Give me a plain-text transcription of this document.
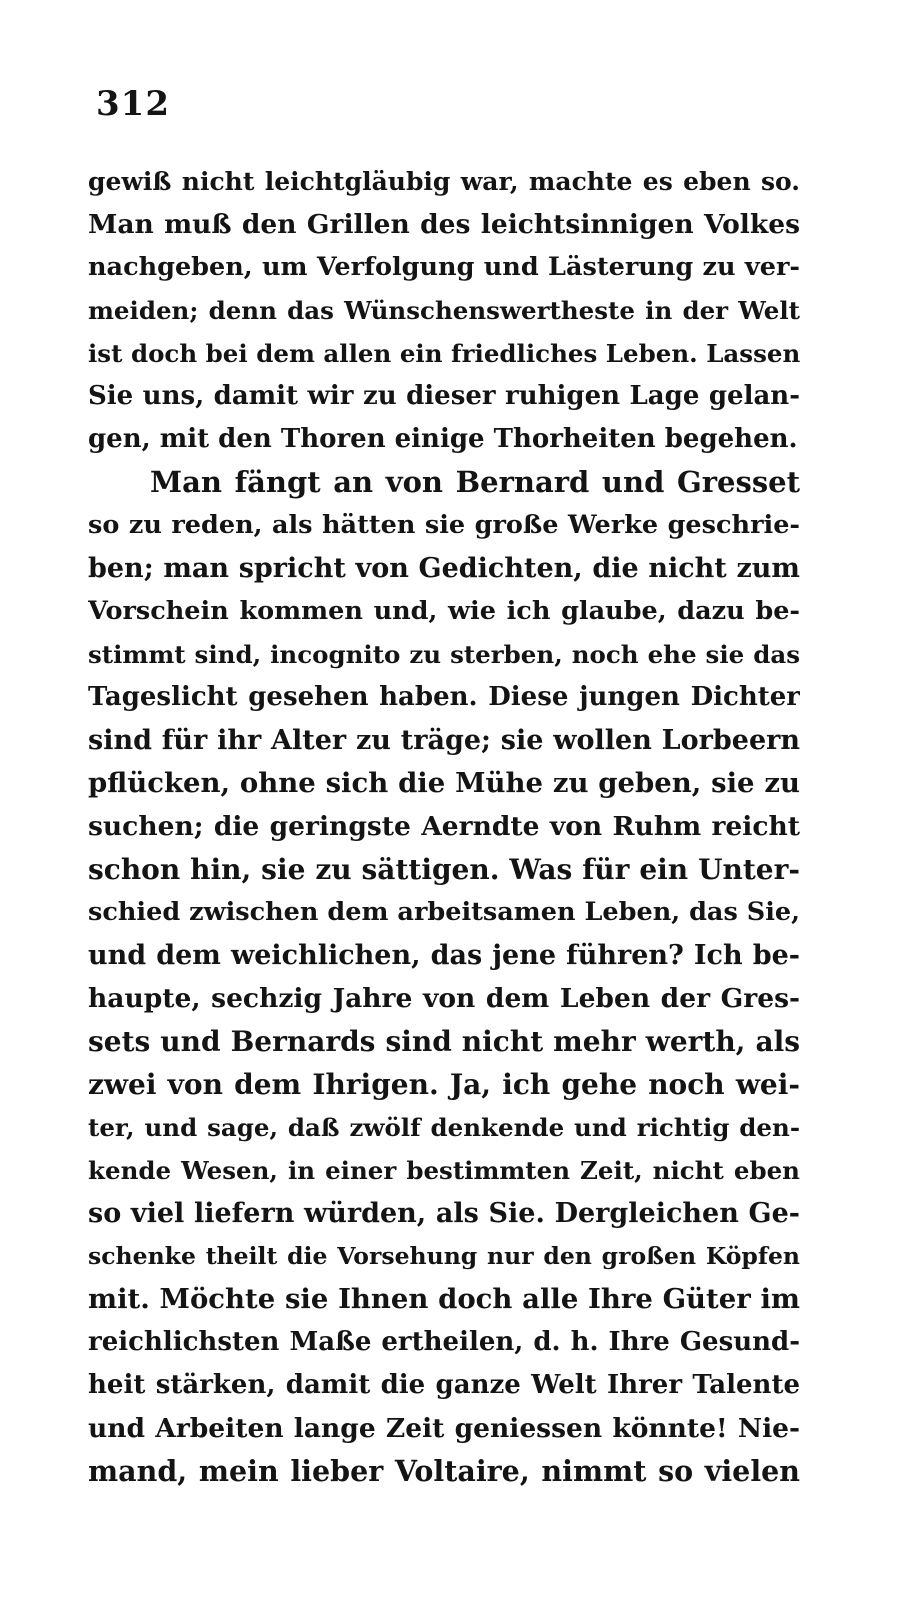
312
gewiß nicht leichtgläubig war, machte es eben so.
Man muß den Grillen des leichtsinnigen Volkes
nachgeben, um Verfolgung und Lästerung zu ver-
meiden; denn das Wünschenswertheste in der Welt
ist doch bei dem allen ein friedliches Leben. Lassen
Sie uns, damit wir zu dieser ruhigen Lage gelan-
gen, mit den Thoren einige Thorheiten begehen.
Man fängt an von Bernard und Gresset
so zu reden, als hätten sie große Werke geschrie-
ben; man spricht von Gedichten, die nicht zum
Vorschein kommen und, wie ich glaube, dazu be-
stimmt sind, incognito zu sterben, noch ehe sie das
Tageslicht gesehen haben. Diese jungen Dichter
sind für ihr Alter zu träge; sie wollen Lorbeern
pflücken, ohne sich die Mühe zu geben, sie zu
suchen; die geringste Aerndte von Ruhm reicht
schon hin, sie zu sättigen. Was für ein Unter-
schied zwischen dem arbeitsamen Leben, das Sie,
und dem weichlichen, das jene führen? Ich be-
haupte, sechzig Jahre von dem Leben der Gres-
sets und Bernards sind nicht mehr werth, als
zwei von dem Ihrigen. Ja, ich gehe noch wei-
ter, und sage, daß zwölf denkende und richtig den-
kende Wesen, in einer bestimmten Zeit, nicht eben
so viel liefern würden, als Sie. Dergleichen Ge-
schenke theilt die Vorsehung nur den großen Köpfen
mit. Möchte sie Ihnen doch alle Ihre Güter im
reichlichsten Maße ertheilen, d. h. Ihre Gesund-
heit stärken, damit die ganze Welt Ihrer Talente
und Arbeiten lange Zeit geniessen könnte! Nie-
mand, mein lieber Voltaire, nimmt so vielen
